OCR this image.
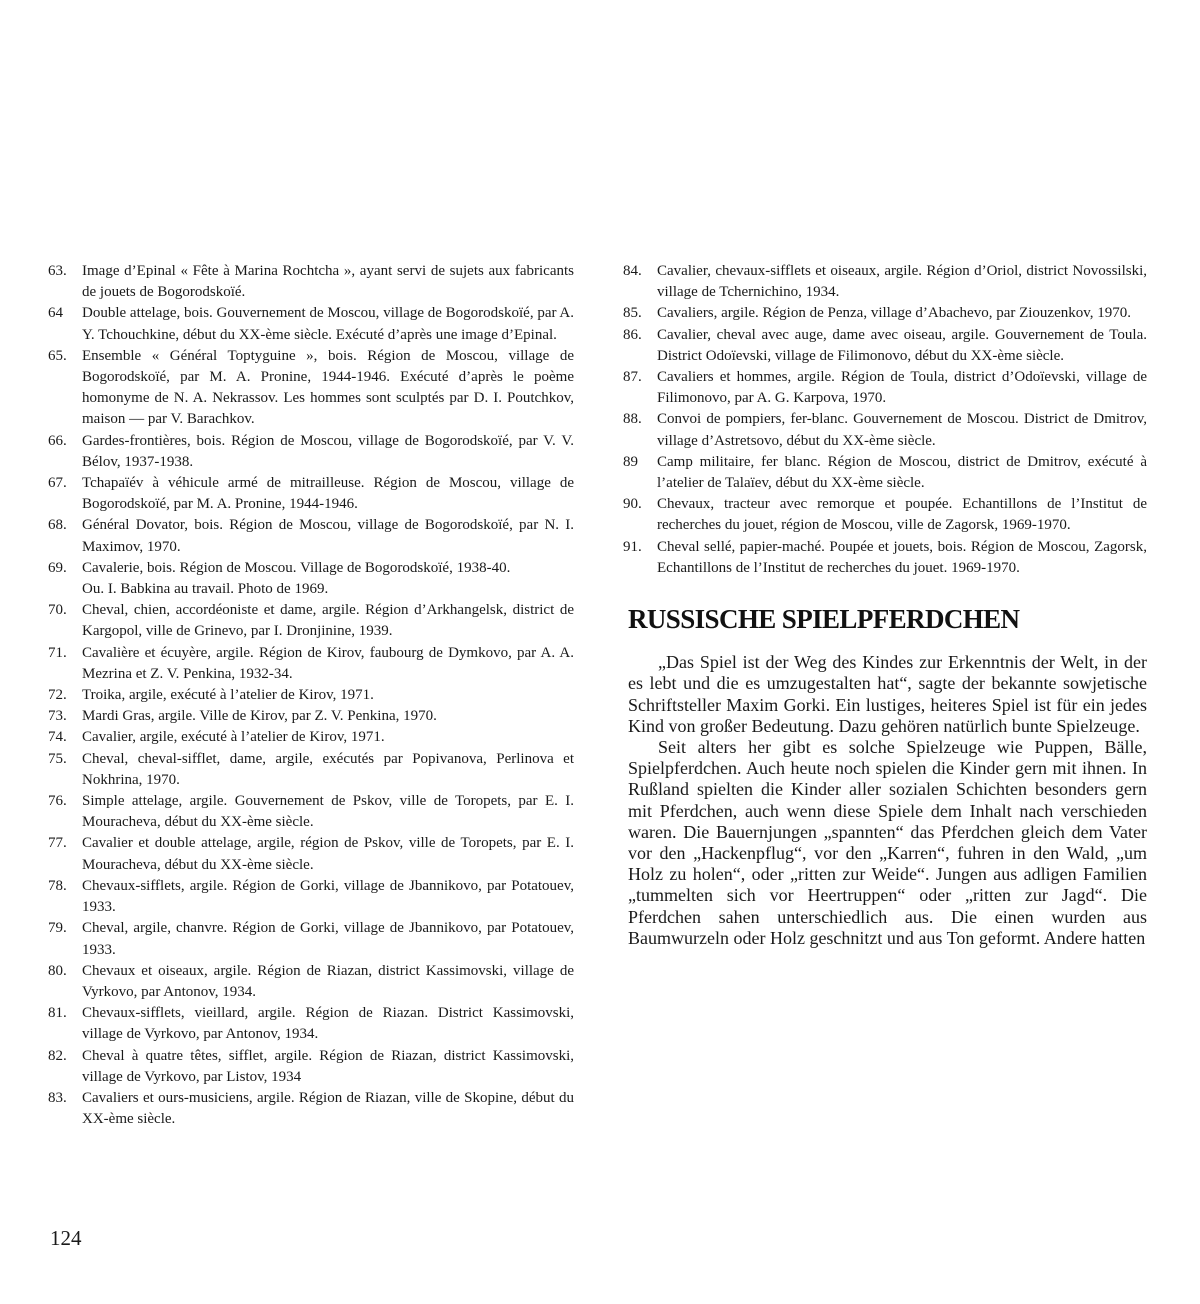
63.	Image d’Epinal « Fête à Marina Rochtcha », ayant servi de sujets aux fabricants de jouets de Bogorodskoïé.
64	Double attelage, bois. Gouvernement de Moscou, village de Bogorodskoïé, par A. Y. Tchouchkine, début du XX-ème siècle. Exécuté d’après une image d’Epinal.
65.	Ensemble « Général Toptyguine », bois. Région de Moscou, village de Bogorodskoïé, par M. A. Pronine, 1944-1946. Exécuté d’après le poème homonyme de N. A. Nekrassov. Les hommes sont sculptés par D. I. Poutchkov, maison — par V. Barachkov.
66.	Gardes-frontières, bois. Région de Moscou, village de Bogorodskoïé, par V. V. Bélov, 1937-1938.
67.	Tchapaïév à véhicule armé de mitrailleuse. Région de Moscou, village de Bogorodskoïé, par M. A. Pronine, 1944-1946.
68.	Général Dovator, bois. Région de Moscou, village de Bogorodskoïé, par N. I. Maximov, 1970.
69.	Cavalerie, bois. Région de Moscou. Village de Bogorodskoïé, 1938-40.
Ou. I. Babkina au travail. Photo de 1969.
70.	Cheval, chien, accordéoniste et dame, argile. Région d’Arkhangelsk, district de Kargopol, ville de Grinevo, par I. Dronjinine, 1939.
71.	Cavalière et écuyère, argile. Région de Kirov, faubourg de Dymkovo, par A. A. Mezrina et Z. V. Penkina, 1932-34.
72.	Troika, argile, exécuté à l’atelier de Kirov, 1971.
73.	Mardi Gras, argile. Ville de Kirov, par Z. V. Penkina, 1970.
74.	Cavalier, argile, exécuté à l’atelier de Kirov, 1971.
75.	Cheval, cheval-sifflet, dame, argile, exécutés par Popivanova, Perlinova et Nokhrina, 1970.
76.	Simple attelage, argile. Gouvernement de Pskov, ville de Toropets, par E. I. Mouracheva, début du XX-ème siècle.
77.	Cavalier et double attelage, argile, région de Pskov, ville de Toropets, par E. I. Mouracheva, début du XX-ème siècle.
78.	Chevaux-sifflets, argile. Région de Gorki, village de Jbannikovo, par Potatouev, 1933.
79.	Cheval, argile, chanvre. Région de Gorki, village de Jbannikovo, par Potatouev, 1933.
80.	Chevaux et oiseaux, argile. Région de Riazan, district Kassimovski, village de Vyrkovo, par Antonov, 1934.
81.	Chevaux-sifflets, vieillard, argile. Région de Riazan. District Kassimovski, village de Vyrkovo, par Antonov, 1934.
82.	Cheval à quatre têtes, sifflet, argile. Région de Riazan, district Kassimovski, village de Vyrkovo, par Listov, 1934
83.	Cavaliers et ours-musiciens, argile. Région de Riazan, ville de Skopine, début du XX-ème siècle.
84.	Cavalier, chevaux-sifflets et oiseaux, argile. Région d’Oriol, district Novossilski, village de Tchernichino, 1934.
85.	Cavaliers, argile. Région de Penza, village d’Abachevo, par Ziouzenkov, 1970.
86.	Cavalier, cheval avec auge, dame avec oiseau, argile. Gouvernement de Toula. District Odoïevski, village de Filimonovo, début du XX-ème siècle.
87.	Cavaliers et hommes, argile. Région de Toula, district d’Odoïevski, village de Filimonovo, par A. G. Karpova, 1970.
88.	Convoi de pompiers, fer-blanc. Gouvernement de Moscou. District de Dmitrov, village d’Astretsovo, début du XX-ème siècle.
89	Camp militaire, fer blanc. Région de Moscou, district de Dmitrov, exécuté à l’atelier de Talaïev, début du XX-ème siècle.
90.	Chevaux, tracteur avec remorque et poupée. Echantillons de l’Institut de recherches du jouet, région de Moscou, ville de Zagorsk, 1969-1970.
91.	Cheval sellé, papier-maché. Poupée et jouets, bois. Région de Moscou, Zagorsk, Echantillons de l’Institut de recherches du jouet. 1969-1970.
RUSSISCHE SPIELPFERDCHEN

„Das Spiel ist der Weg des Kindes zur Erkenntnis der Welt, in der es lebt und die es umzugestalten hat“, sagte der bekannte sowjetische Schriftsteller Maxim Gorki. Ein lustiges, heiteres Spiel ist für ein jedes Kind von großer Bedeutung. Dazu gehören natürlich bunte Spielzeuge.

Seit alters her gibt es solche Spielzeuge wie Puppen, Bälle, Spielpferdchen. Auch heute noch spielen die Kinder gern mit ihnen. In Rußland spielten die Kinder aller sozialen Schichten besonders gern mit Pferdchen, auch wenn diese Spiele dem Inhalt nach verschieden waren. Die Bauernjungen „spannten“ das Pferdchen gleich dem Vater vor den „Hackenpflug“, vor den „Karren“, fuhren in den Wald, „um Holz zu holen“, oder „ritten zur Weide“. Jungen aus adligen Familien „tummelten sich vor Heertruppen“ oder „ritten zur Jagd“. Die Pferdchen sahen unterschiedlich aus. Die einen wurden aus Baumwurzeln oder Holz geschnitzt und aus Ton geformt. Andere hatten

124
